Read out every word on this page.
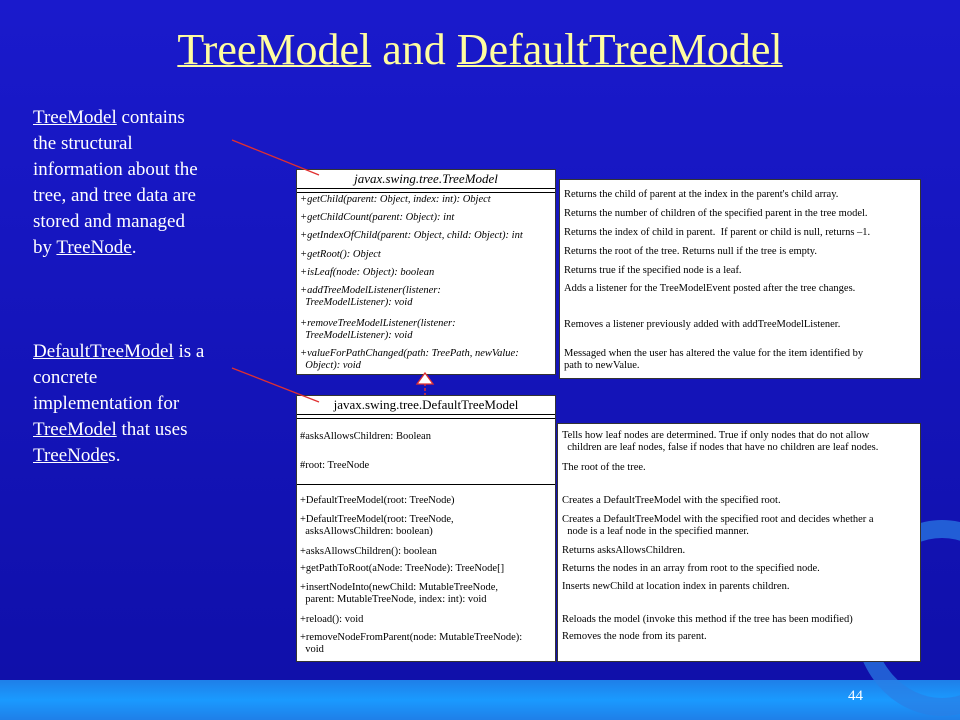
44
TreeModel and DefaultTreeModel
TreeModel contains
the structural
information about the
tree, and tree data are
stored and managed
by TreeNode.
DefaultTreeModel is a
concrete
implementation for
TreeModel that uses
TreeNodes.
javax.swing.tree.TreeModel
+getChild(parent: Object, index: int): Object
+getChildCount(parent: Object): int
+getIndexOfChild(parent: Object, child: Object): int
+getRoot(): Object
+isLeaf(node: Object): boolean
+addTreeModelListener(listener:
TreeModelListener): void
+removeTreeModelListener(listener:
TreeModelListener): void
+valueForPathChanged(path: TreePath, newValue:
Object): void
Returns the child of parent at the index in the parent's child array.
Returns the number of children of the specified parent in the tree model.
Returns the index of child in parent.  If parent or child is null, returns –1.
Returns the root of the tree. Returns null if the tree is empty.
Returns true if the specified node is a leaf.
Adds a listener for the TreeModelEvent posted after the tree changes.
Removes a listener previously added with addTreeModelListener.
Messaged when the user has altered the value for the item identified by
path to newValue.
javax.swing.tree.DefaultTreeModel
#asksAllowsChildren: Boolean
#root: TreeNode
+DefaultTreeModel(root: TreeNode)
+DefaultTreeModel(root: TreeNode,
asksAllowsChildren: boolean)
+asksAllowsChildren(): boolean
+getPathToRoot(aNode: TreeNode): TreeNode[]
+insertNodeInto(newChild: MutableTreeNode,
parent: MutableTreeNode, index: int): void
+reload(): void
+removeNodeFromParent(node: MutableTreeNode):
void
Tells how leaf nodes are determined. True if only nodes that do not allow
children are leaf nodes, false if nodes that have no children are leaf nodes.
The root of the tree.
Creates a DefaultTreeModel with the specified root.
Creates a DefaultTreeModel with the specified root and decides whether a
node is a leaf node in the specified manner.
Returns asksAllowsChildren.
Returns the nodes in an array from root to the specified node.
Inserts newChild at location index in parents children.
Reloads the model (invoke this method if the tree has been modified)
Removes the node from its parent.
